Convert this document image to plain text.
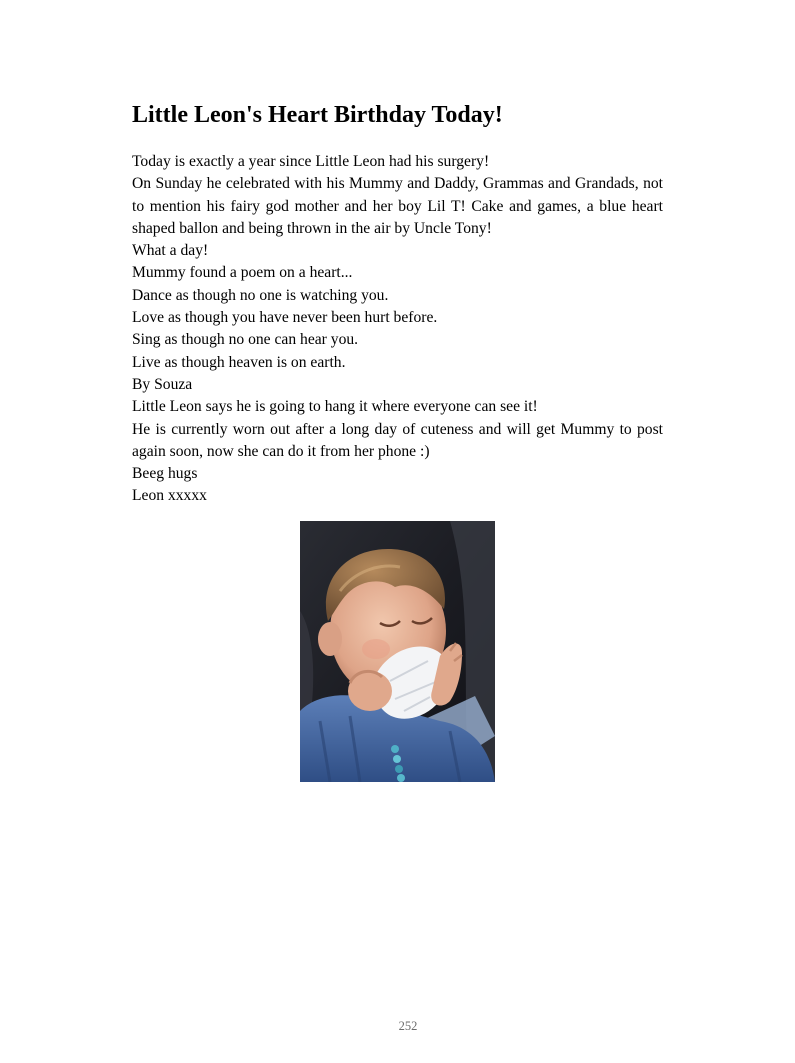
Little Leon's Heart Birthday Today!

Today is exactly a year since Little Leon had his surgery!

On Sunday he celebrated with his Mummy and Daddy, Grammas and Grandads, not to mention his fairy god mother and her boy Lil T! Cake and games, a blue heart shaped ballon and being thrown in the air by Uncle Tony!

What a day!

Mummy found a poem on a heart...

Dance as though no one is watching you.

Love as though you have never been hurt before.

Sing as though no one can hear you.

Live as though heaven is on earth.

By Souza

Little Leon says he is going to hang it where everyone can see it!

He is currently worn out after a long day of cuteness and will get Mummy to post again soon, now she can do it from her phone :)

Beeg hugs

Leon xxxxx

252
